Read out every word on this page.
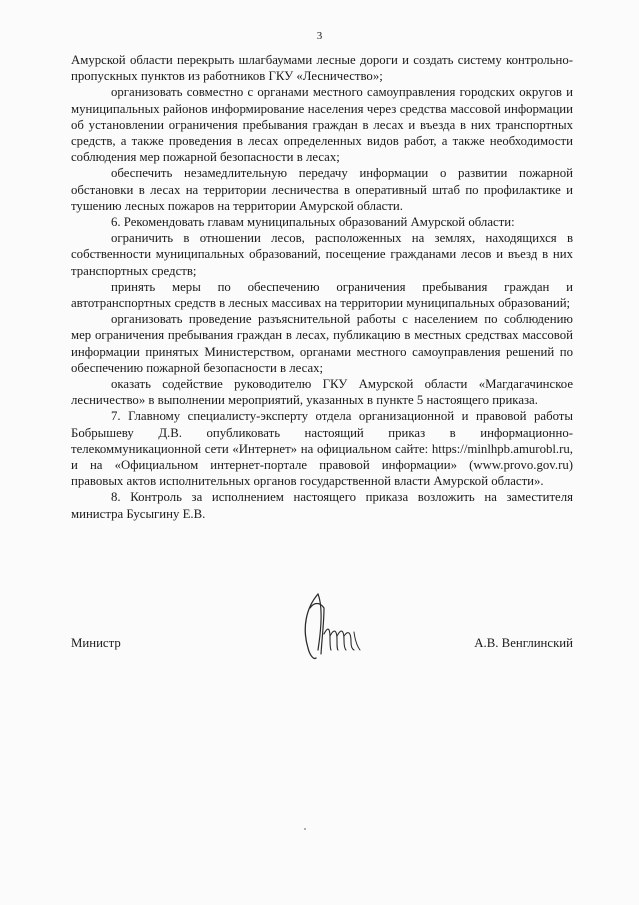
3

Амурской области перекрыть шлагбаумами лесные дороги и создать систему контрольно-пропускных пунктов из работников ГКУ «Лесничество»;

организовать совместно с органами местного самоуправления городских округов и муниципальных районов информирование населения через средства массовой информации об установлении ограничения пребывания граждан в лесах и въезда в них транспортных средств, а также проведения в лесах определенных видов работ, а также необходимости соблюдения мер пожарной безопасности в лесах;

обеспечить незамедлительную передачу информации о развитии пожарной обстановки в лесах на территории лесничества в оперативный штаб по профилактике и тушению лесных пожаров на территории Амурской области.

6. Рекомендовать главам муниципальных образований Амурской области:

ограничить в отношении лесов, расположенных на землях, находящихся в собственности муниципальных образований, посещение гражданами лесов и въезд в них транспортных средств;

принять меры по обеспечению ограничения пребывания граждан и автотранспортных средств в лесных массивах на территории муниципальных образований;

организовать проведение разъяснительной работы с населением по соблюдению мер ограничения пребывания граждан в лесах, публикацию в местных средствах массовой информации принятых Министерством, органами местного самоуправления решений по обеспечению пожарной безопасности в лесах;

оказать содействие руководителю ГКУ Амурской области «Магдагачинское лесничество» в выполнении мероприятий, указанных в пункте 5 настоящего приказа.

7. Главному специалисту-эксперту отдела организационной и правовой работы Бобрышеву Д.В. опубликовать настоящий приказ в информационно-телекоммуникационной сети «Интернет» на официальном сайте: https://minlhpb.amurobl.ru, и на «Официальном интернет-портале правовой информации» (www.provo.gov.ru) правовых актов исполнительных органов государственной власти Амурской области».

8. Контроль за исполнением настоящего приказа возложить на заместителя министра Бусыгину Е.В.

Министр	А.В. Венглинский
